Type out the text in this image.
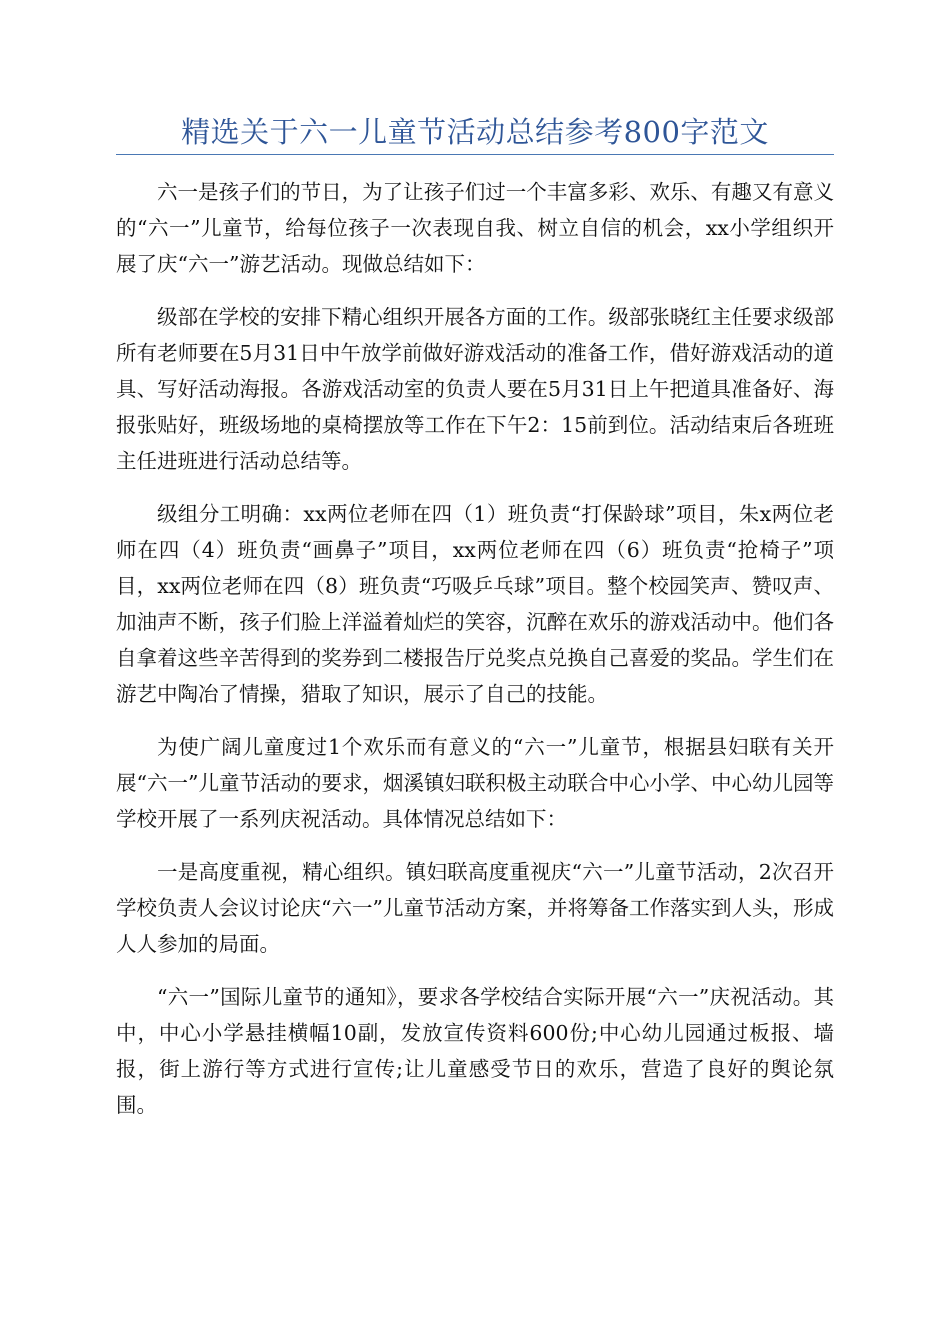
精选关于六一儿童节活动总结参考800字范文

六一是孩子们的节日，为了让孩子们过一个丰富多彩、欢乐、有趣又有意义的“六一”儿童节，给每位孩子一次表现自我、树立自信的机会，xx小学组织开展了庆“六一”游艺活动。现做总结如下：

级部在学校的安排下精心组织开展各方面的工作。级部张晓红主任要求级部所有老师要在5月31日中午放学前做好游戏活动的准备工作，借好游戏活动的道具、写好活动海报。各游戏活动室的负责人要在5月31日上午把道具准备好、海报张贴好，班级场地的桌椅摆放等工作在下午2：15前到位。活动结束后各班班主任进班进行活动总结等。

级组分工明确：xx两位老师在四（1）班负责“打保龄球”项目，朱x两位老师在四（4）班负责“画鼻子”项目，xx两位老师在四（6）班负责“抢椅子”项目，xx两位老师在四（8）班负责“巧吸乒乓球”项目。整个校园笑声、赞叹声、加油声不断，孩子们脸上洋溢着灿烂的笑容，沉醉在欢乐的游戏活动中。他们各自拿着这些辛苦得到的奖券到二楼报告厅兑奖点兑换自己喜爱的奖品。学生们在游艺中陶冶了情操，猎取了知识，展示了自己的技能。

为使广阔儿童度过1个欢乐而有意义的“六一”儿童节，根据县妇联有关开展“六一”儿童节活动的要求，烟溪镇妇联积极主动联合中心小学、中心幼儿园等学校开展了一系列庆祝活动。具体情况总结如下：

一是高度重视，精心组织。镇妇联高度重视庆“六一”儿童节活动，2次召开学校负责人会议讨论庆“六一”儿童节活动方案，并将筹备工作落实到人头，形成人人参加的局面。

“六一”国际儿童节的通知》，要求各学校结合实际开展“六一”庆祝活动。其中，中心小学悬挂横幅10副，发放宣传资料600份;中心幼儿园通过板报、墙报，街上游行等方式进行宣传;让儿童感受节日的欢乐，营造了良好的舆论氛围。
